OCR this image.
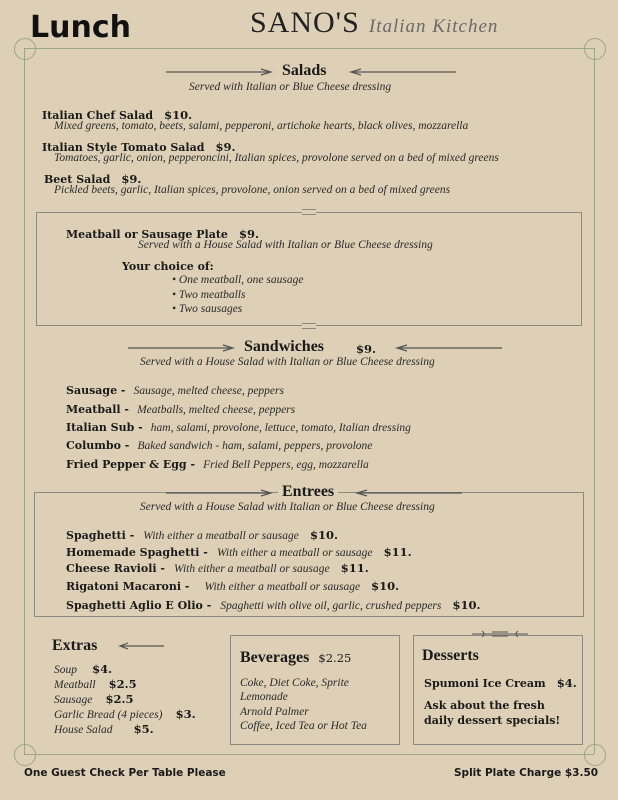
Lunch	SANO'S Italian Kitchen
Salads
Served with Italian or Blue Cheese dressing
Italian Chef Salad $10.
Mixed greens, tomato, beets, salami, pepperoni, artichoke hearts, black olives, mozzarella
Italian Style Tomato Salad $9.
Tomatoes, garlic, onion, pepperoncini, Italian spices, provolone served on a bed of mixed greens
Beet Salad $9.
Pickled beets, garlic, Italian spices, provolone, onion served on a bed of mixed greens
Meatball or Sausage Plate $9.
Served with a House Salad with Italian or Blue Cheese dressing
Your choice of:
• One meatball, one sausage
• Two meatballs
• Two sausages
Sandwiches	$9.
Served with a House Salad with Italian or Blue Cheese dressing
Sausage - Sausage, melted cheese, peppers
Meatball - Meatballs, melted cheese, peppers
Italian Sub - ham, salami, provolone, lettuce, tomato, Italian dressing
Columbo - Baked sandwich - ham, salami, peppers, provolone
Fried Pepper & Egg - Fried Bell Peppers, egg, mozzarella
Entrees
Served with a House Salad with Italian or Blue Cheese dressing
Spaghetti - With either a meatball or sausage $10.
Homemade Spaghetti - With either a meatball or sausage $11.
Cheese Ravioli - With either a meatball or sausage $11.
Rigatoni Macaroni - With either a meatball or sausage $10.
Spaghetti Aglio E Olio - Spaghetti with olive oil, garlic, crushed peppers $10.
Extras
Soup $4.
Meatball $2.5
Sausage $2.5
Garlic Bread (4 pieces) $3.
House Salad $5.
Beverages $2.25
Coke, Diet Coke, Sprite
Lemonade
Arnold Palmer
Coffee, Iced Tea or Hot Tea
Desserts
Spumoni Ice Cream $4.
Ask about the fresh
daily dessert specials!
One Guest Check Per Table Please	Split Plate Charge $3.50
